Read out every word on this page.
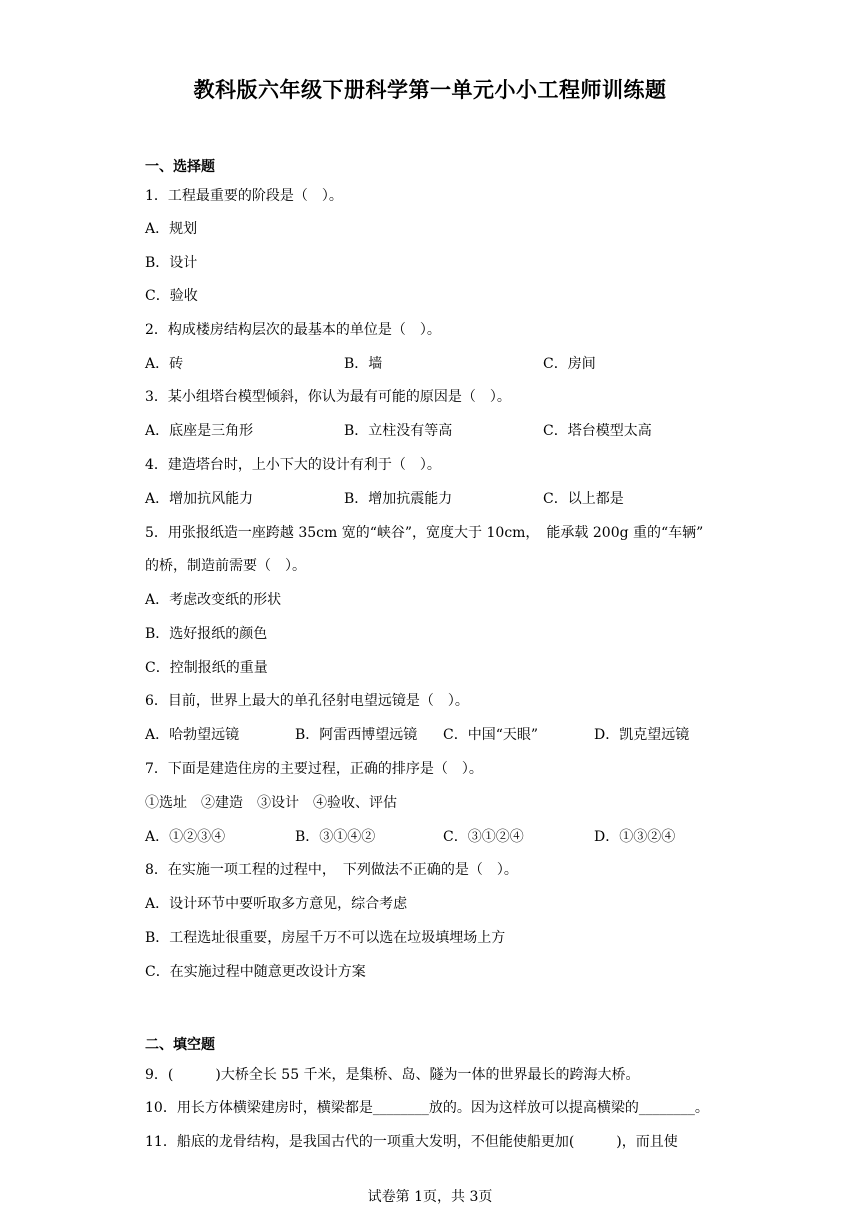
教科版六年级下册科学第一单元小小工程师训练题
一、选择题
1．工程最重要的阶段是（　）。
A．规划
B．设计
C．验收
2．构成楼房结构层次的最基本的单位是（　）。
A．砖	B．墙	C．房间
3．某小组塔台模型倾斜，你认为最有可能的原因是（　）。
A．底座是三角形	B．立柱没有等高	C．塔台模型太高
4．建造塔台时，上小下大的设计有利于（　）。
A．增加抗风能力	B．增加抗震能力	C．以上都是
5．用张报纸造一座跨越 35cm 宽的“峡谷”，宽度大于 10cm，　能承载 200g 重的“车辆”
的桥，制造前需要（　）。
A．考虑改变纸的形状
B．选好报纸的颜色
C．控制报纸的重量
6．目前，世界上最大的单孔径射电望远镜是（　）。
A．哈勃望远镜	B．阿雷西博望远镜 C．中国“天眼”	D．凯克望远镜
7．下面是建造住房的主要过程，正确的排序是（　）。
①选址　②建造　③设计　④验收、评估
A．①②③④	B．③①④②	C．③①②④	D．①③②④
8．在实施一项工程的过程中，　下列做法不正确的是（　）。
A．设计环节中要听取多方意见，综合考虑
B．工程选址很重要，房屋千万不可以选在垃圾填埋场上方
C．在实施过程中随意更改设计方案
二、填空题
9．(　　　)大桥全长 55 千米，是集桥、岛、隧为一体的世界最长的跨海大桥。
10．用长方体横梁建房时，横梁都是________放的。因为这样放可以提高横梁的________。
11．船底的龙骨结构，是我国古代的一项重大发明，不但能使船更加(　　　)，而且使
试卷第 1页，共 3页
